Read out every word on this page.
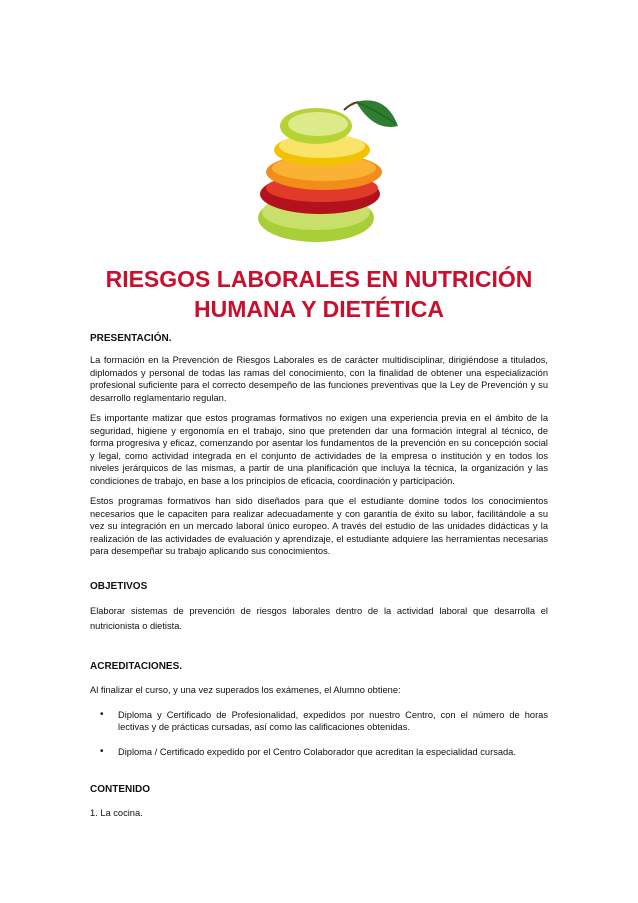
RIESGOS LABORALES EN NUTRICIÓN
HUMANA Y DIETÉTICA
PRESENTACIÓN.

La formación en la Prevención de Riesgos Laborales es de carácter multidisciplinar, dirigiéndose a titulados, diplomados y personal de todas las ramas del conocimiento, con la finalidad de obtener una especialización profesional suficiente para el correcto desempeño de las funciones preventivas que la Ley de Prevención y su desarrollo reglamentario regulan.

Es importante matizar que estos programas formativos no exigen una experiencia previa en el ámbito de la seguridad, higiene y ergonomía en el trabajo, sino que pretenden dar una formación integral al técnico, de forma progresiva y eficaz, comenzando por asentar los fundamentos de la prevención en su concepción social y legal, como actividad integrada en el conjunto de actividades de la empresa o institución y en todos los niveles jerárquicos de las mismas, a partir de una planificación que incluya la técnica, la organización y las condiciones de trabajo, en base a los principios de eficacia, coordinación y participación.

Estos programas formativos han sido diseñados para que el estudiante domine todos los conocimientos necesarios que le capaciten para realizar adecuadamente y con garantía de éxito su labor, facilitándole a su vez su integración en un mercado laboral único europeo. A través del estudio de las unidades didácticas y la realización de las actividades de evaluación y aprendizaje, el estudiante adquiere las herramientas necesarias para desempeñar su trabajo aplicando sus conocimientos.

OBJETIVOS

Elaborar sistemas de prevención de riesgos laborales dentro de la actividad laboral que desarrolla el nutricionista o dietista.

ACREDITACIONES.

Al finalizar el curso, y una vez superados los exámenes, el Alumno obtiene:

• Diploma y Certificado de Profesionalidad, expedidos por nuestro Centro, con el número de horas lectivas y de prácticas cursadas, así como las calificaciones obtenidas.
• Diploma / Certificado expedido por el Centro Colaborador que acreditan la especialidad cursada.
CONTENIDO

1. La cocina.
